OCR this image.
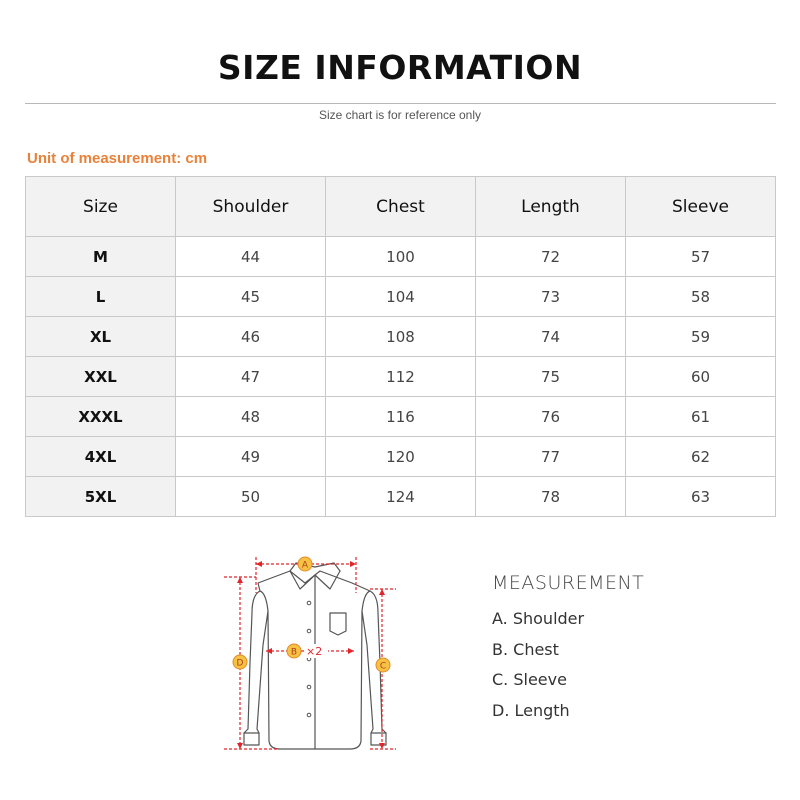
SIZE INFORMATION
Size chart is for reference only
Unit of measurement: cm
Size	Shoulder	Chest	Length	Sleeve
M	44	100	72	57
L	45	104	73	58
XL	46	108	74	59
XXL	47	112	75	60
XXXL	48	116	76	61
4XL	49	120	77	62
5XL	50	124	78	63
A
B ×2
C
D
MEASUREMENT
A. Shoulder
B. Chest
C. Sleeve
D. Length
